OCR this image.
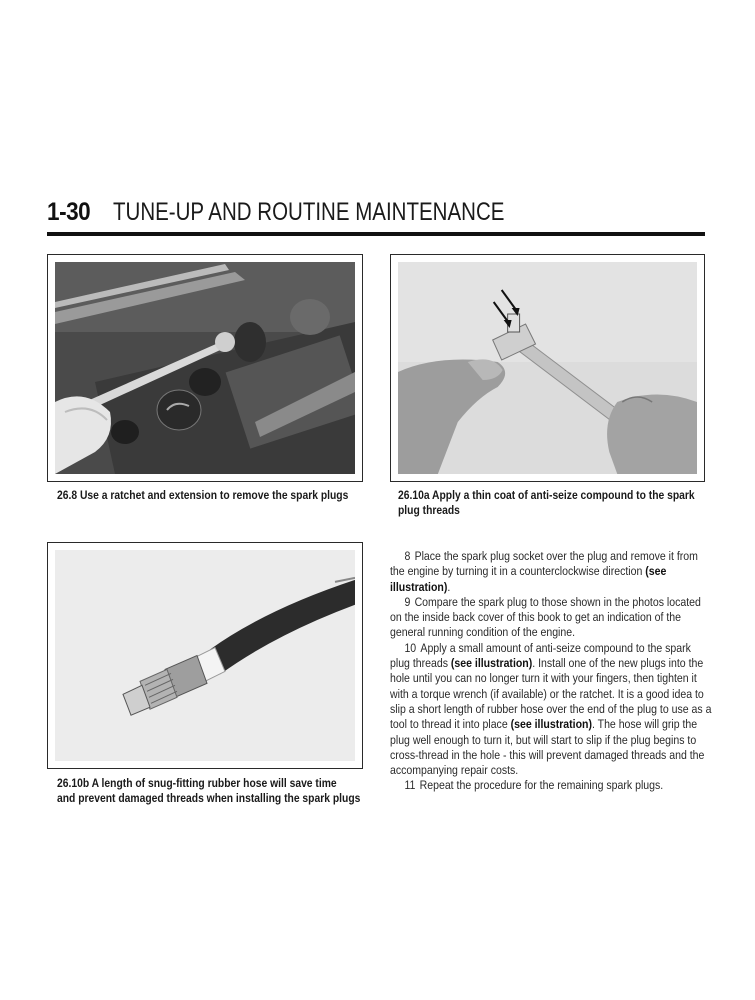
1-30 TUNE-UP AND ROUTINE MAINTENANCE
26.8 Use a ratchet and extension to remove the spark plugs	26.10a Apply a thin coat of anti-seize compound to the spark
plug threads
26.10b A length of snug-fitting rubber hose will save time
and prevent damaged threads when installing the spark plugs

8 Place the spark plug socket over the plug and remove it from the engine by turning it in a counterclockwise direction (see illustration).

9 Compare the spark plug to those shown in the photos located on the inside back cover of this book to get an indication of the general running condition of the engine.

10 Apply a small amount of anti-seize compound to the spark plug threads (see illustration). Install one of the new plugs into the hole until you can no longer turn it with your fingers, then tighten it with a torque wrench (if available) or the ratchet. It is a good idea to slip a short length of rubber hose over the end of the plug to use as a tool to thread it into place (see illustration). The hose will grip the plug well enough to turn it, but will start to slip if the plug begins to cross-thread in the hole - this will prevent damaged threads and the accompanying repair costs.

11 Repeat the procedure for the remaining spark plugs.
